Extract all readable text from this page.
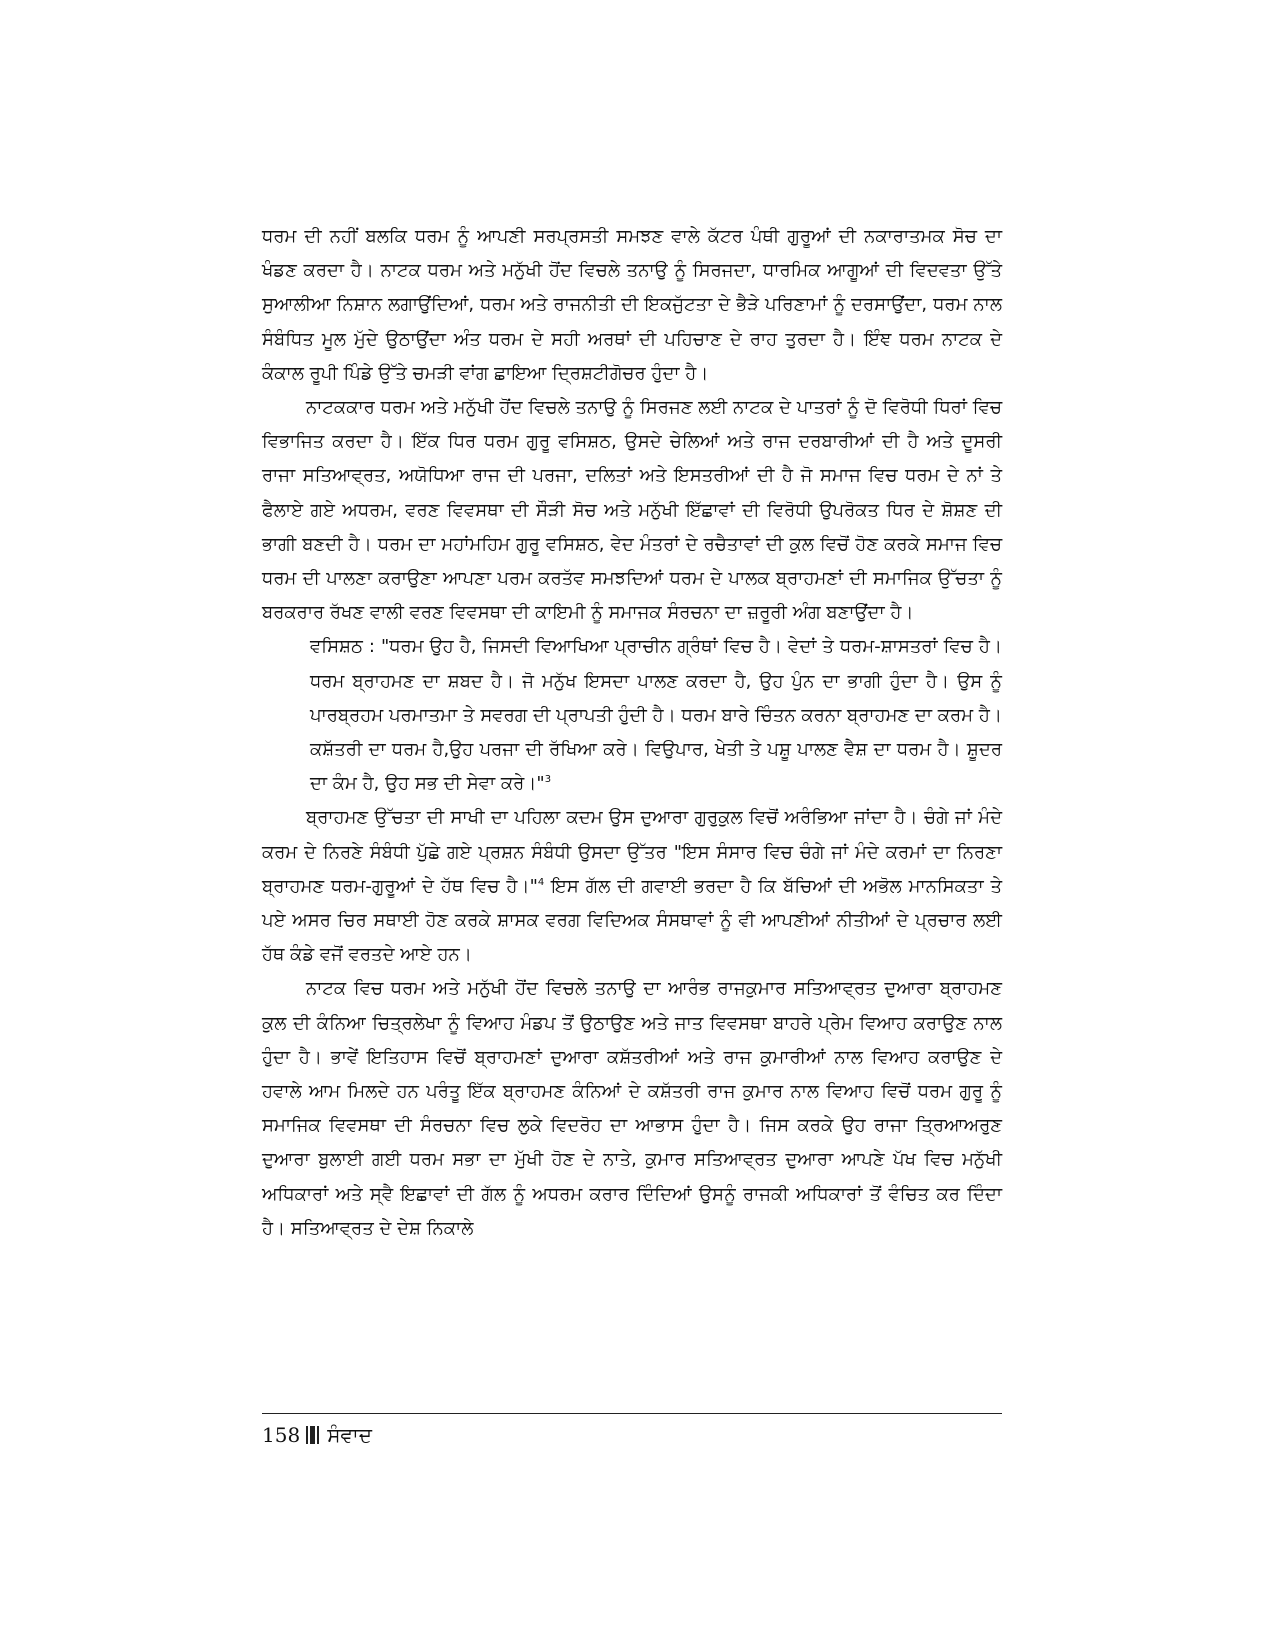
ਧਰਮ ਦੀ ਨਹੀਂ ਬਲਕਿ ਧਰਮ ਨੂੰ ਆਪਣੀ ਸਰਪ੍ਰਸਤੀ ਸਮਝਣ ਵਾਲੇ ਕੱਟਰ ਪੰਥੀ ਗੁਰੂਆਂ ਦੀ ਨਕਾਰਾਤਮਕ ਸੋਚ ਦਾ ਖੰਡਣ ਕਰਦਾ ਹੈ। ਨਾਟਕ ਧਰਮ ਅਤੇ ਮਨੁੱਖੀ ਹੋਂਦ ਵਿਚਲੇ ਤਨਾਉ ਨੂੰ ਸਿਰਜਦਾ, ਧਾਰਮਿਕ ਆਗੂਆਂ ਦੀ ਵਿਦਵਤਾ ਉੱਤੇ ਸੁਆਲੀਆ ਨਿਸ਼ਾਨ ਲਗਾਉਂਦਿਆਂ, ਧਰਮ ਅਤੇ ਰਾਜਨੀਤੀ ਦੀ ਇਕਜੁੱਟਤਾ ਦੇ ਭੈੜੇ ਪਰਿਣਾਮਾਂ ਨੂੰ ਦਰਸਾਉਂਦਾ, ਧਰਮ ਨਾਲ ਸੰਬੰਧਿਤ ਮੂਲ ਮੁੱਦੇ ਉਠਾਉਂਦਾ ਅੰਤ ਧਰਮ ਦੇ ਸਹੀ ਅਰਥਾਂ ਦੀ ਪਹਿਚਾਣ ਦੇ ਰਾਹ ਤੁਰਦਾ ਹੈ। ਇੰਞ ਧਰਮ ਨਾਟਕ ਦੇ ਕੰਕਾਲ ਰੂਪੀ ਪਿੰਡੇ ਉੱਤੇ ਚਮੜੀ ਵਾਂਗ ਛਾਇਆ ਦ੍ਰਿਸ਼ਟੀਗੋਚਰ ਹੁੰਦਾ ਹੈ।

ਨਾਟਕਕਾਰ ਧਰਮ ਅਤੇ ਮਨੁੱਖੀ ਹੋਂਦ ਵਿਚਲੇ ਤਨਾਉ ਨੂੰ ਸਿਰਜਣ ਲਈ ਨਾਟਕ ਦੇ ਪਾਤਰਾਂ ਨੂੰ ਦੋ ਵਿਰੋਧੀ ਧਿਰਾਂ ਵਿਚ ਵਿਭਾਜਿਤ ਕਰਦਾ ਹੈ। ਇੱਕ ਧਿਰ ਧਰਮ ਗੁਰੂ ਵਸਿਸ਼ਠ, ਉਸਦੇ ਚੇਲਿਆਂ ਅਤੇ ਰਾਜ ਦਰਬਾਰੀਆਂ ਦੀ ਹੈ ਅਤੇ ਦੂਸਰੀ ਰਾਜਾ ਸਤਿਆਵ੍ਰਤ, ਅਯੋਧਿਆ ਰਾਜ ਦੀ ਪਰਜਾ, ਦਲਿਤਾਂ ਅਤੇ ਇਸਤਰੀਆਂ ਦੀ ਹੈ ਜੋ ਸਮਾਜ ਵਿਚ ਧਰਮ ਦੇ ਨਾਂ ਤੇ ਫੈਲਾਏ ਗਏ ਅਧਰਮ, ਵਰਣ ਵਿਵਸਥਾ ਦੀ ਸੌੜੀ ਸੋਚ ਅਤੇ ਮਨੁੱਖੀ ਇੱਛਾਵਾਂ ਦੀ ਵਿਰੋਧੀ ਉਪਰੋਕਤ ਧਿਰ ਦੇ ਸ਼ੋਸ਼ਣ ਦੀ ਭਾਗੀ ਬਣਦੀ ਹੈ। ਧਰਮ ਦਾ ਮਹਾਂਮਹਿਮ ਗੁਰੂ ਵਸਿਸ਼ਠ, ਵੇਦ ਮੰਤਰਾਂ ਦੇ ਰਚੈਤਾਵਾਂ ਦੀ ਕੁਲ ਵਿਚੋਂ ਹੋਣ ਕਰਕੇ ਸਮਾਜ ਵਿਚ ਧਰਮ ਦੀ ਪਾਲਣਾ ਕਰਾਉਣਾ ਆਪਣਾ ਪਰਮ ਕਰਤੱਵ ਸਮਝਦਿਆਂ ਧਰਮ ਦੇ ਪਾਲਕ ਬ੍ਰਾਹਮਣਾਂ ਦੀ ਸਮਾਜਿਕ ਉੱਚਤਾ ਨੂੰ ਬਰਕਰਾਰ ਰੱਖਣ ਵਾਲੀ ਵਰਣ ਵਿਵਸਥਾ ਦੀ ਕਾਇਮੀ ਨੂੰ ਸਮਾਜਕ ਸੰਰਚਨਾ ਦਾ ਜ਼ਰੂਰੀ ਅੰਗ ਬਣਾਉਂਦਾ ਹੈ।

ਵਸਿਸ਼ਠ : "ਧਰਮ ਉਹ ਹੈ, ਜਿਸਦੀ ਵਿਆਖਿਆ ਪ੍ਰਾਚੀਨ ਗ੍ਰੰਥਾਂ ਵਿਚ ਹੈ। ਵੇਦਾਂ ਤੇ ਧਰਮ-ਸ਼ਾਸਤਰਾਂ ਵਿਚ ਹੈ। ਧਰਮ ਬ੍ਰਾਹਮਣ ਦਾ ਸ਼ਬਦ ਹੈ। ਜੋ ਮਨੁੱਖ ਇਸਦਾ ਪਾਲਣ ਕਰਦਾ ਹੈ, ਉਹ ਪੁੰਨ ਦਾ ਭਾਗੀ ਹੁੰਦਾ ਹੈ। ਉਸ ਨੂੰ ਪਾਰਬ੍ਰਹਮ ਪਰਮਾਤਮਾ ਤੇ ਸਵਰਗ ਦੀ ਪ੍ਰਾਪਤੀ ਹੁੰਦੀ ਹੈ। ਧਰਮ ਬਾਰੇ ਚਿੰਤਨ ਕਰਨਾ ਬ੍ਰਾਹਮਣ ਦਾ ਕਰਮ ਹੈ। ਕਸ਼ੱਤਰੀ ਦਾ ਧਰਮ ਹੈ,ਉਹ ਪਰਜਾ ਦੀ ਰੱਖਿਆ ਕਰੇ। ਵਿਉਪਾਰ, ਖੇਤੀ ਤੇ ਪਸ਼ੂ ਪਾਲਣ ਵੈਸ਼ ਦਾ ਧਰਮ ਹੈ। ਸ਼ੂਦਰ ਦਾ ਕੰਮ ਹੈ, ਉਹ ਸਭ ਦੀ ਸੇਵਾ ਕਰੇ।"$^3$

ਬ੍ਰਾਹਮਣ ਉੱਚਤਾ ਦੀ ਸਾਖੀ ਦਾ ਪਹਿਲਾ ਕਦਮ ਉਸ ਦੁਆਰਾ ਗੁਰੁਕੁਲ ਵਿਚੋਂ ਅਰੰਭਿਆ ਜਾਂਦਾ ਹੈ। ਚੰਗੇ ਜਾਂ ਮੰਦੇ ਕਰਮ ਦੇ ਨਿਰਣੇ ਸੰਬੰਧੀ ਪੁੱਛੇ ਗਏ ਪ੍ਰਸ਼ਨ ਸੰਬੰਧੀ ਉਸਦਾ ਉੱਤਰ "ਇਸ ਸੰਸਾਰ ਵਿਚ ਚੰਗੇ ਜਾਂ ਮੰਦੇ ਕਰਮਾਂ ਦਾ ਨਿਰਣਾ ਬ੍ਰਾਹਮਣ ਧਰਮ-ਗੁਰੂਆਂ ਦੇ ਹੱਥ ਵਿਚ ਹੈ।"$^4$ ਇਸ ਗੱਲ ਦੀ ਗਵਾਈ ਭਰਦਾ ਹੈ ਕਿ ਬੱਚਿਆਂ ਦੀ ਅਭੋਲ ਮਾਨਸਿਕਤਾ ਤੇ ਪਏ ਅਸਰ ਚਿਰ ਸਥਾਈ ਹੋਣ ਕਰਕੇ ਸ਼ਾਸਕ ਵਰਗ ਵਿਦਿਅਕ ਸੰਸਥਾਵਾਂ ਨੂੰ ਵੀ ਆਪਣੀਆਂ ਨੀਤੀਆਂ ਦੇ ਪ੍ਰਚਾਰ ਲਈ ਹੱਥ ਕੰਡੇ ਵਜੋਂ ਵਰਤਦੇ ਆਏ ਹਨ।

ਨਾਟਕ ਵਿਚ ਧਰਮ ਅਤੇ ਮਨੁੱਖੀ ਹੋਂਦ ਵਿਚਲੇ ਤਨਾਉ ਦਾ ਆਰੰਭ ਰਾਜਕੁਮਾਰ ਸਤਿਆਵ੍ਰਤ ਦੁਆਰਾ ਬ੍ਰਾਹਮਣ ਕੁਲ ਦੀ ਕੰਨਿਆ ਚਿਤ੍ਰਲੇਖਾ ਨੂੰ ਵਿਆਹ ਮੰਡਪ ਤੋਂ ਉਠਾਉਣ ਅਤੇ ਜਾਤ ਵਿਵਸਥਾ ਬਾਹਰੇ ਪ੍ਰੇਮ ਵਿਆਹ ਕਰਾਉਣ ਨਾਲ ਹੁੰਦਾ ਹੈ। ਭਾਵੇਂ ਇਤਿਹਾਸ ਵਿਚੋਂ ਬ੍ਰਾਹਮਣਾਂ ਦੁਆਰਾ ਕਸ਼ੱਤਰੀਆਂ ਅਤੇ ਰਾਜ ਕੁਮਾਰੀਆਂ ਨਾਲ ਵਿਆਹ ਕਰਾਉਣ ਦੇ ਹਵਾਲੇ ਆਮ ਮਿਲਦੇ ਹਨ ਪਰੰਤੂ ਇੱਕ ਬ੍ਰਾਹਮਣ ਕੰਨਿਆਂ ਦੇ ਕਸ਼ੱਤਰੀ ਰਾਜ ਕੁਮਾਰ ਨਾਲ ਵਿਆਹ ਵਿਚੋਂ ਧਰਮ ਗੁਰੂ ਨੂੰ ਸਮਾਜਿਕ ਵਿਵਸਥਾ ਦੀ ਸੰਰਚਨਾ ਵਿਚ ਲੁਕੇ ਵਿਦਰੋਹ ਦਾ ਆਭਾਸ ਹੁੰਦਾ ਹੈ। ਜਿਸ ਕਰਕੇ ਉਹ ਰਾਜਾ ਤ੍ਰਿਆਅਰੁਣ ਦੁਆਰਾ ਬੁਲਾਈ ਗਈ ਧਰਮ ਸਭਾ ਦਾ ਮੁੱਖੀ ਹੋਣ ਦੇ ਨਾਤੇ, ਕੁਮਾਰ ਸਤਿਆਵ੍ਰਤ ਦੁਆਰਾ ਆਪਣੇ ਪੱਖ ਵਿਚ ਮਨੁੱਖੀ ਅਧਿਕਾਰਾਂ ਅਤੇ ਸ੍ਵੈ ਇਛਾਵਾਂ ਦੀ ਗੱਲ ਨੂੰ ਅਧਰਮ ਕਰਾਰ ਦਿੰਦਿਆਂ ਉਸਨੂੰ ਰਾਜਕੀ ਅਧਿਕਾਰਾਂ ਤੋਂ ਵੰਚਿਤ ਕਰ ਦਿੰਦਾ ਹੈ। ਸਤਿਆਵ੍ਰਤ ਦੇ ਦੇਸ਼ ਨਿਕਾਲੇ

158 ਸੰਵਾਦ
